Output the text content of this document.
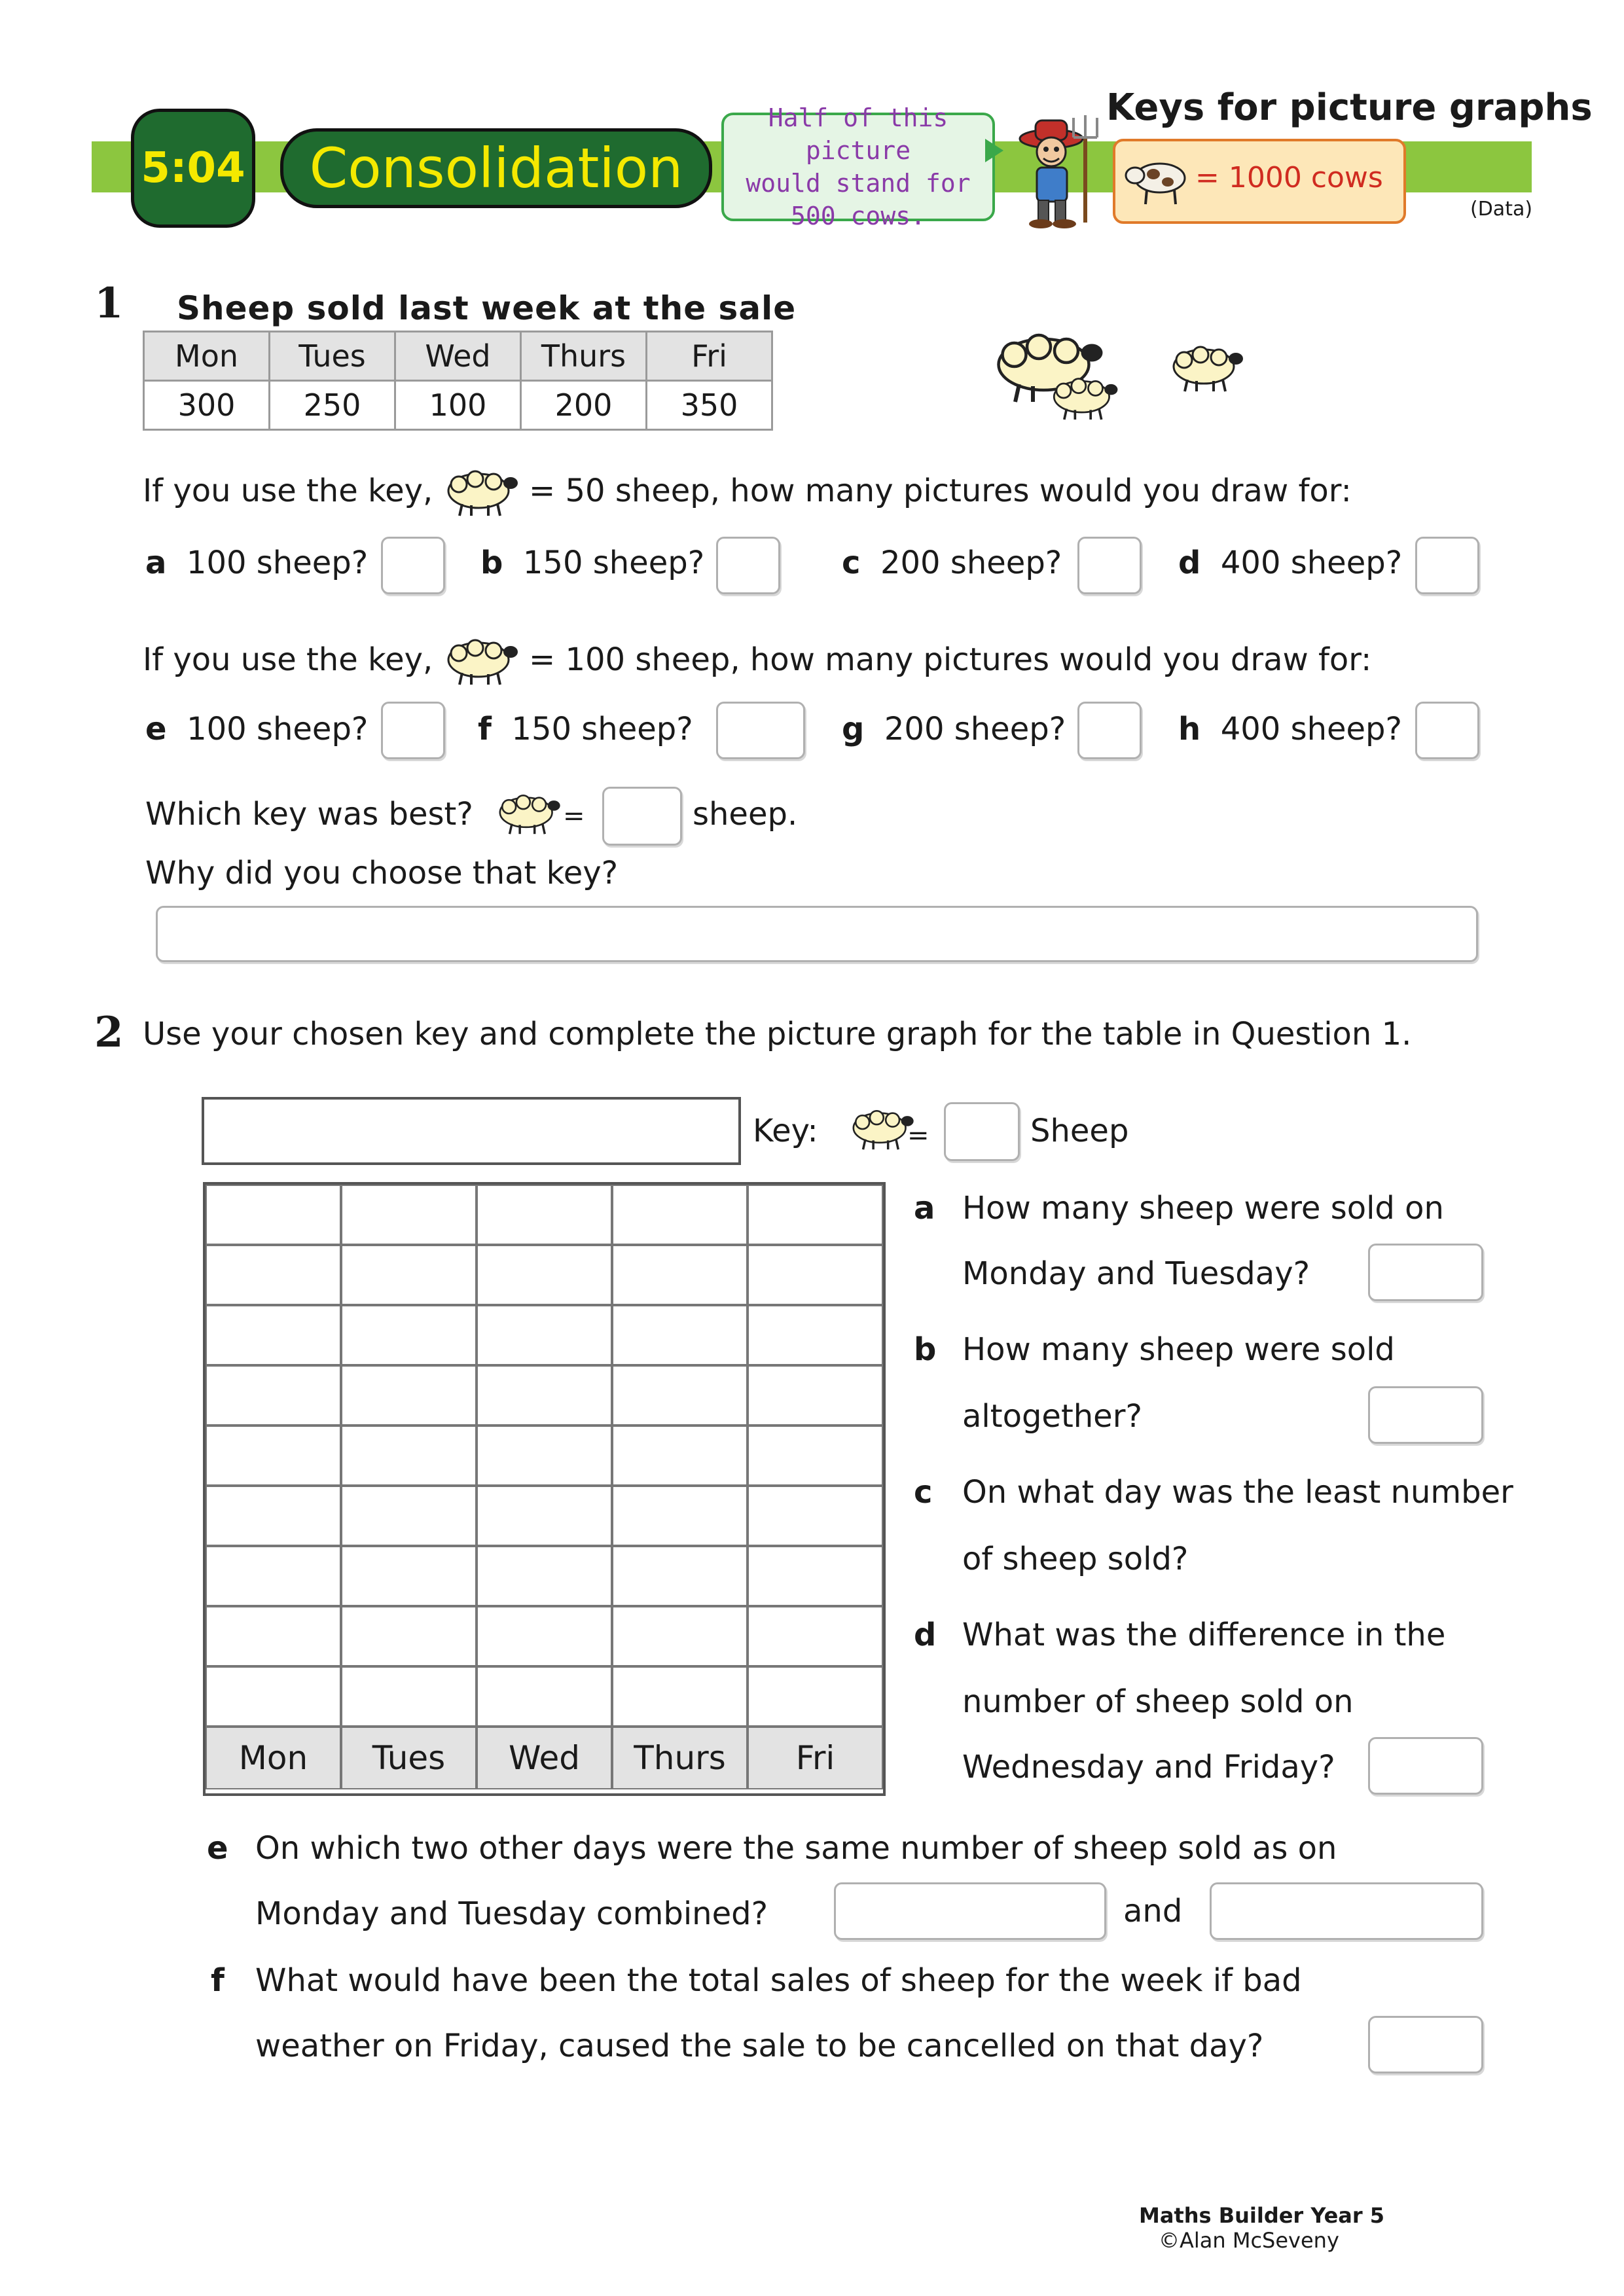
5:04	Consolidation
Half of this picture
would stand for
500 cows.
Keys for picture graphs
= 1000 cows
(Data)
1 Sheep sold last week at the sale
Mon	Tues	Wed	Thurs	Fri
300	250	100	200	350
If you use the key,	= 50 sheep, how many pictures would you draw for:
a 100 sheep?	b 150 sheep?	c 200 sheep?	d 400 sheep?
If you use the key,	= 100 sheep, how many pictures would you draw for:
e 100 sheep?	f 150 sheep?	g 200 sheep?	h 400 sheep?
Which key was best?	=	sheep.
Why did you choose that key?
2 Use your chosen key and complete the picture graph for the table in Question 1.
Key:	=	Sheep
Mon	Tues	Wed	Thurs	Fri
a How many sheep were sold on
Monday and Tuesday?
b How many sheep were sold
altogether?
c On what day was the least number
of sheep sold?
d What was the difference in the
number of sheep sold on
Wednesday and Friday?
e On which two other days were the same number of sheep sold as on
Monday and Tuesday combined?	and
f What would have been the total sales of sheep for the week if bad
weather on Friday, caused the sale to be cancelled on that day?
Maths Builder Year 5
©Alan McSeveny
